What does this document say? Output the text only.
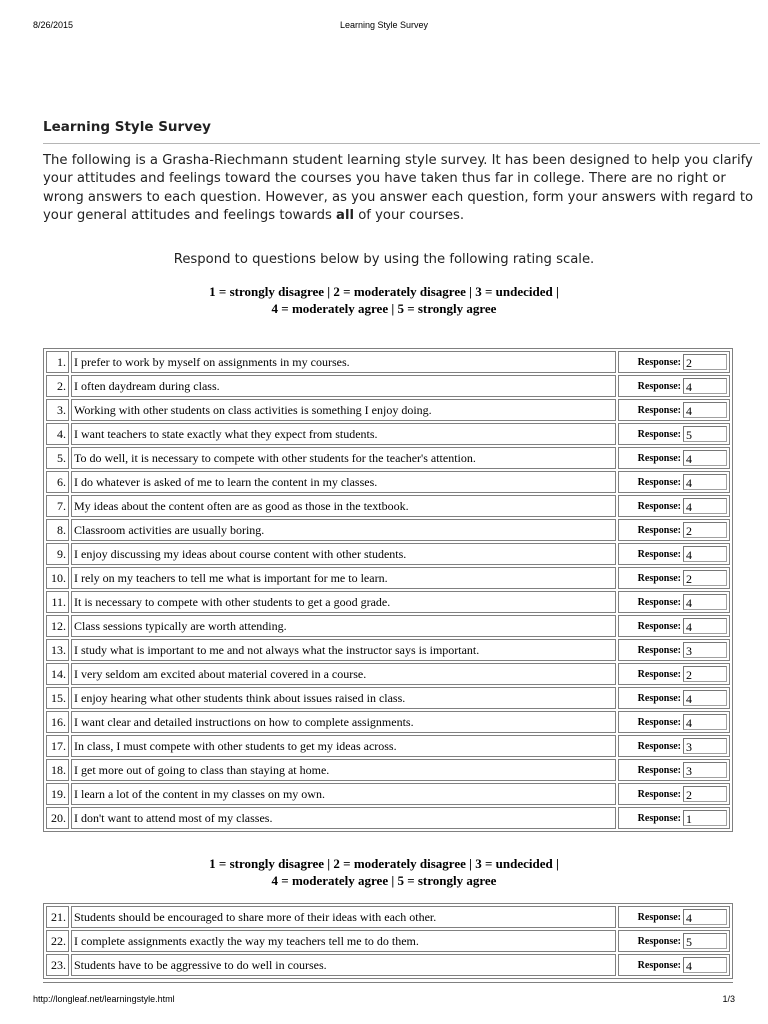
8/26/2015	Learning Style Survey
Learning Style Survey

The following is a Grasha-Riechmann student learning style survey. It has been designed to help you clarify your attitudes and feelings toward the courses you have taken thus far in college. There are no right or wrong answers to each question. However, as you answer each question, form your answers with regard to your general attitudes and feelings towards all of your courses.

Respond to questions below by using the following rating scale.

1 = strongly disagree | 2 = moderately disagree | 3 = undecided |
4 = moderately agree | 5 = strongly agree
1.	I prefer to work by myself on assignments in my courses.	Response: 2
2.	I often daydream during class.	Response: 4
3.	Working with other students on class activities is something I enjoy doing.	Response: 4
4.	I want teachers to state exactly what they expect from students.	Response: 5
5.	To do well, it is necessary to compete with other students for the teacher's attention.	Response: 4
6.	I do whatever is asked of me to learn the content in my classes.	Response: 4
7.	My ideas about the content often are as good as those in the textbook.	Response: 4
8.	Classroom activities are usually boring.	Response: 2
9.	I enjoy discussing my ideas about course content with other students.	Response: 4
10.	I rely on my teachers to tell me what is important for me to learn.	Response: 2
11.	It is necessary to compete with other students to get a good grade.	Response: 4
12.	Class sessions typically are worth attending.	Response: 4
13.	I study what is important to me and not always what the instructor says is important.	Response: 3
14.	I very seldom am excited about material covered in a course.	Response: 2
15.	I enjoy hearing what other students think about issues raised in class.	Response: 4
16.	I want clear and detailed instructions on how to complete assignments.	Response: 4
17.	In class, I must compete with other students to get my ideas across.	Response: 3
18.	I get more out of going to class than staying at home.	Response: 3
19.	I learn a lot of the content in my classes on my own.	Response: 2
20.	I don't want to attend most of my classes.	Response: 1
1 = strongly disagree | 2 = moderately disagree | 3 = undecided |
4 = moderately agree | 5 = strongly agree
21.	Students should be encouraged to share more of their ideas with each other.	Response: 4
22.	I complete assignments exactly the way my teachers tell me to do them.	Response: 5
23.	Students have to be aggressive to do well in courses.	Response: 4
http://longleaf.net/learningstyle.html	1/3
